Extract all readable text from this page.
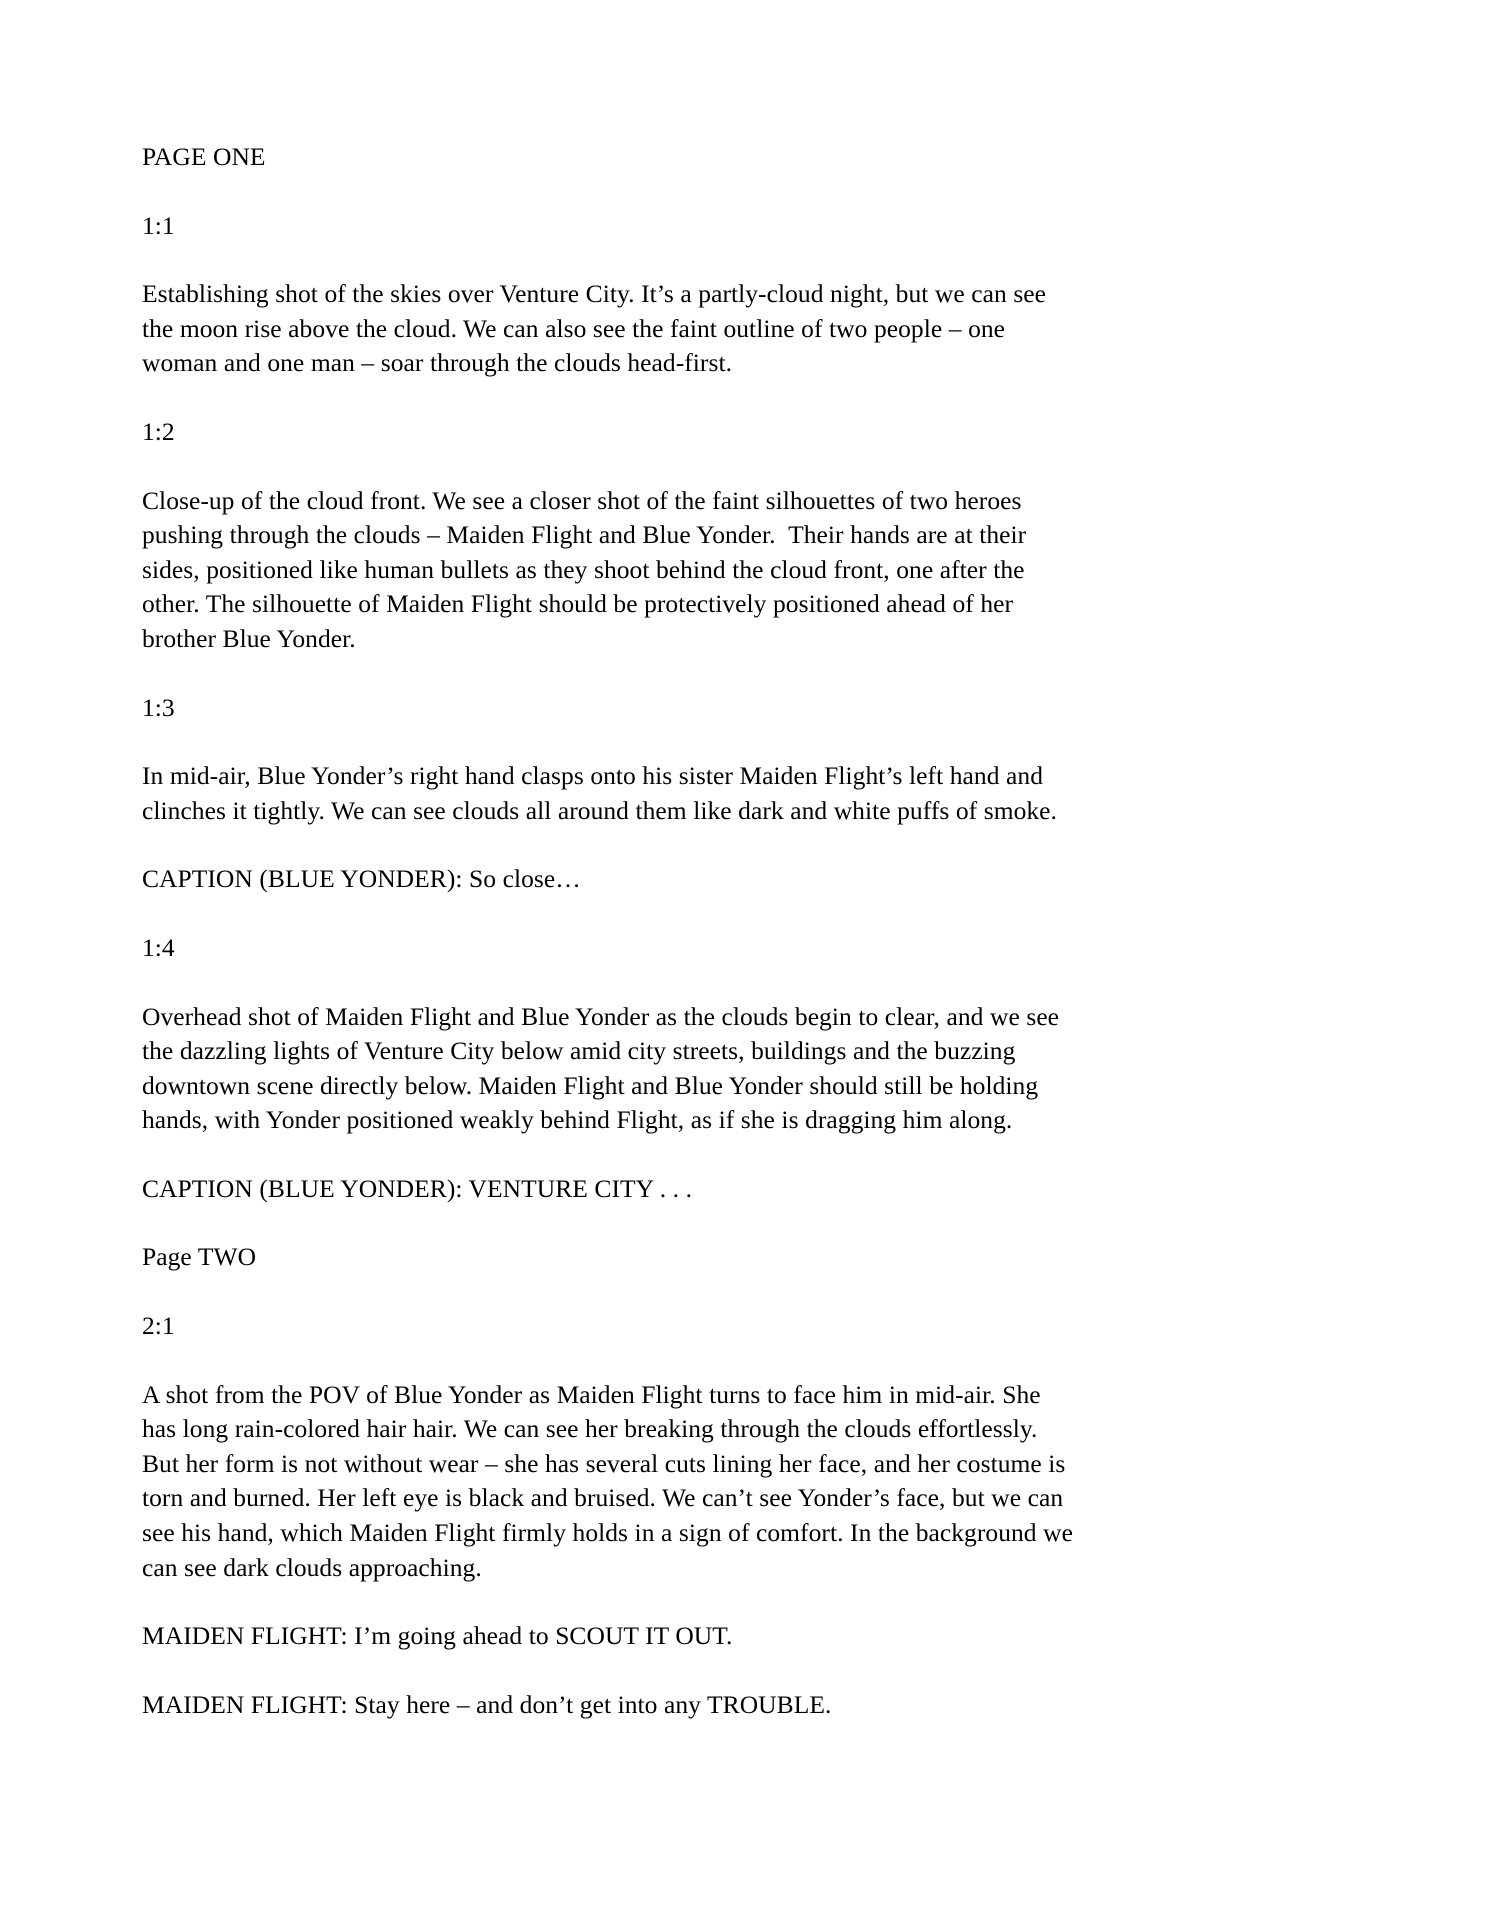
PAGE ONE

1:1

Establishing shot of the skies over Venture City. It’s a partly-cloud night, but we can see the moon rise above the cloud. We can also see the faint outline of two people – one woman and one man – soar through the clouds head-first.

1:2

Close-up of the cloud front. We see a closer shot of the faint silhouettes of two heroes pushing through the clouds – Maiden Flight and Blue Yonder.  Their hands are at their sides, positioned like human bullets as they shoot behind the cloud front, one after the other. The silhouette of Maiden Flight should be protectively positioned ahead of her brother Blue Yonder.

1:3

In mid-air, Blue Yonder’s right hand clasps onto his sister Maiden Flight’s left hand and clinches it tightly. We can see clouds all around them like dark and white puffs of smoke.

CAPTION (BLUE YONDER): So close…

1:4

Overhead shot of Maiden Flight and Blue Yonder as the clouds begin to clear, and we see the dazzling lights of Venture City below amid city streets, buildings and the buzzing downtown scene directly below. Maiden Flight and Blue Yonder should still be holding hands, with Yonder positioned weakly behind Flight, as if she is dragging him along.

CAPTION (BLUE YONDER): VENTURE CITY . . .

Page TWO

2:1

A shot from the POV of Blue Yonder as Maiden Flight turns to face him in mid-air. She has long rain-colored hair hair. We can see her breaking through the clouds effortlessly. But her form is not without wear – she has several cuts lining her face, and her costume is torn and burned. Her left eye is black and bruised. We can’t see Yonder’s face, but we can see his hand, which Maiden Flight firmly holds in a sign of comfort. In the background we can see dark clouds approaching.

MAIDEN FLIGHT: I’m going ahead to SCOUT IT OUT.

MAIDEN FLIGHT: Stay here – and don’t get into any TROUBLE.
